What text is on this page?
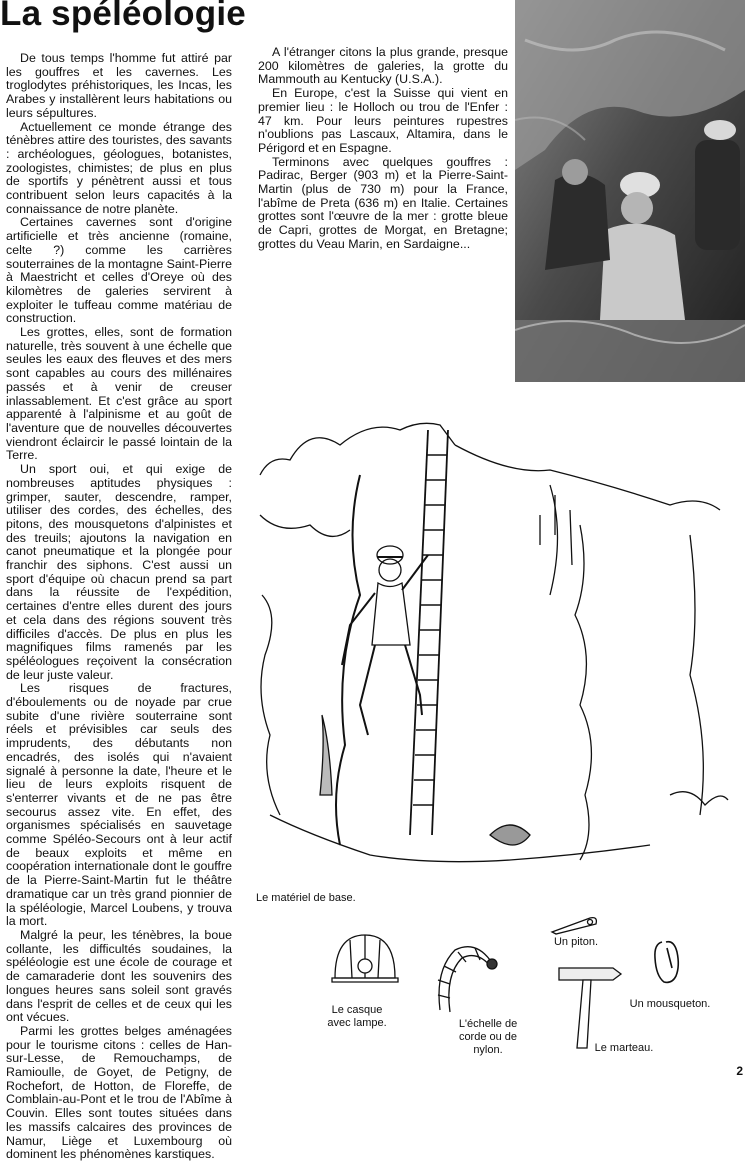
La spéléologie

De tous temps l'homme fut attiré par les gouffres et les cavernes. Les troglodytes préhistoriques, les Incas, les Arabes y installèrent leurs habitations ou leurs sépultures.

Actuellement ce monde étrange des ténèbres attire des touristes, des savants : archéologues, géologues, botanistes, zoologistes, chimistes; de plus en plus de sportifs y pénètrent aussi et tous contribuent selon leurs capacités à la connaissance de notre planète.

Certaines cavernes sont d'origine artificielle et très ancienne (romaine, celte ?) comme les carrières souterraines de la montagne Saint-Pierre à Maestricht et celles d'Oreye où des kilomètres de galeries servirent à exploiter le tuffeau comme matériau de construction.

Les grottes, elles, sont de formation naturelle, très souvent à une échelle que seules les eaux des fleuves et des mers sont capables au cours des millénaires passés et à venir de creuser inlassablement. Et c'est grâce au sport apparenté à l'alpinisme et au goût de l'aventure que de nouvelles découvertes viendront éclaircir le passé lointain de la Terre.

Un sport oui, et qui exige de nombreuses aptitudes physiques : grimper, sauter, descendre, ramper, utiliser des cordes, des échelles, des pitons, des mousquetons d'alpinistes et des treuils; ajoutons la navigation en canot pneumatique et la plongée pour franchir des siphons. C'est aussi un sport d'équipe où chacun prend sa part dans la réussite de l'expédition, certaines d'entre elles durent des jours et cela dans des régions souvent très difficiles d'accès. De plus en plus les magnifiques films ramenés par les spéléologues reçoivent la consécration de leur juste valeur.

Les risques de fractures, d'éboulements ou de noyade par crue subite d'une rivière souterraine sont réels et prévisibles car seuls des imprudents, des débutants non encadrés, des isolés qui n'avaient signalé à personne la date, l'heure et le lieu de leurs exploits risquent de s'enterrer vivants et de ne pas être secourus assez vite. En effet, des organismes spécialisés en sauvetage comme Spéléo-Secours ont à leur actif de beaux exploits et même en coopération internationale dont le gouffre de la Pierre-Saint-Martin fut le théâtre dramatique car un très grand pionnier de la spéléologie, Marcel Loubens, y trouva la mort.

Malgré la peur, les ténèbres, la boue collante, les difficultés soudaines, la spéléologie est une école de courage et de camaraderie dont les souvenirs des longues heures sans soleil sont gravés dans l'esprit de celles et de ceux qui les ont vécues.

Parmi les grottes belges aménagées pour le tourisme citons : celles de Han-sur-Lesse, de Remouchamps, de Ramioulle, de Goyet, de Petigny, de Rochefort, de Hotton, de Floreffe, de Comblain-au-Pont et le trou de l'Abîme à Couvin. Elles sont toutes situées dans les massifs calcaires des provinces de Namur, Liège et Luxembourg où dominent les phénomènes karstiques.

A l'étranger citons la plus grande, presque 200 kilomètres de galeries, la grotte du Mammouth au Kentucky (U.S.A.).

En Europe, c'est la Suisse qui vient en premier lieu : le Holloch ou trou de l'Enfer : 47 km. Pour leurs peintures rupestres n'oublions pas Lascaux, Altamira, dans le Périgord et en Espagne.

Terminons avec quelques gouffres : Padirac, Berger (903 m) et la Pierre-Saint-Martin (plus de 730 m) pour la France, l'abîme de Preta (636 m) en Italie. Certaines grottes sont l'œuvre de la mer : grotte bleue de Capri, grottes de Morgat, en Bretagne; grottes du Veau Marin, en Sardaigne...

Le matériel de base.
Le casque avec lampe.	L'échelle de corde ou de nylon.
Un piton.
Un mousqueton.
Le marteau.
2
